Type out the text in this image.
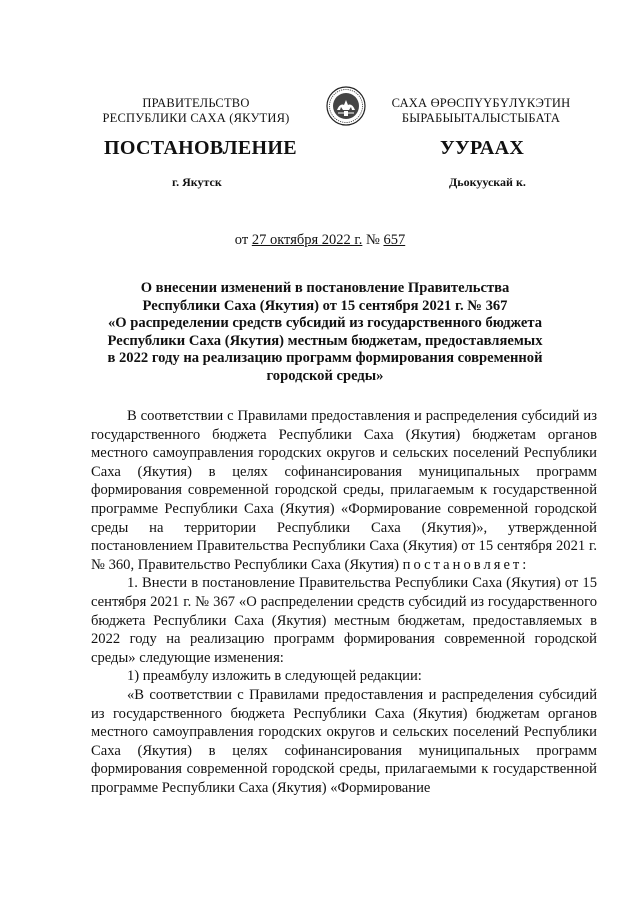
ПРАВИТЕЛЬСТВО
РЕСПУБЛИКИ САХА (ЯКУТИЯ)
САХА ӨРӨСПҮҮБҮЛҮКЭТИН
БЫРАБЫЫТАЛЫСТЫБАТА
ПОСТАНОВЛЕНИЕ	УУРААХ
г. Якутск	Дьокуускай к.
от 27 октября 2022 г. № 657
О внесении изменений в постановление Правительства
Республики Саха (Якутия) от 15 сентября 2021 г. № 367
«О распределении средств субсидий из государственного бюджета
Республики Саха (Якутия) местным бюджетам, предоставляемых
в 2022 году на реализацию программ формирования современной
городской среды»

В соответствии с Правилами предоставления и распределения субсидий из государственного бюджета Республики Саха (Якутия) бюджетам органов местного самоуправления городских округов и сельских поселений Республики Саха (Якутия) в целях софинансирования муниципальных программ формирования современной городской среды, прилагаемым к государственной программе Республики Саха (Якутия) «Формирование современной городской среды на территории Республики Саха (Якутия)», утвержденной постановлением Правительства Республики Саха (Якутия) от 15 сентября 2021 г. № 360, Правительство Республики Саха (Якутия) постановляет:

1. Внести в постановление Правительства Республики Саха (Якутия) от 15 сентября 2021 г. № 367 «О распределении средств субсидий из государственного бюджета Республики Саха (Якутия) местным бюджетам, предоставляемых в 2022 году на реализацию программ формирования современной городской среды» следующие изменения:

1) преамбулу изложить в следующей редакции:

«В соответствии с Правилами предоставления и распределения субсидий из государственного бюджета Республики Саха (Якутия) бюджетам органов местного самоуправления городских округов и сельских поселений Республики Саха (Якутия) в целях софинансирования муниципальных программ формирования современной городской среды, прилагаемыми к государственной программе Республики Саха (Якутия) «Формирование
